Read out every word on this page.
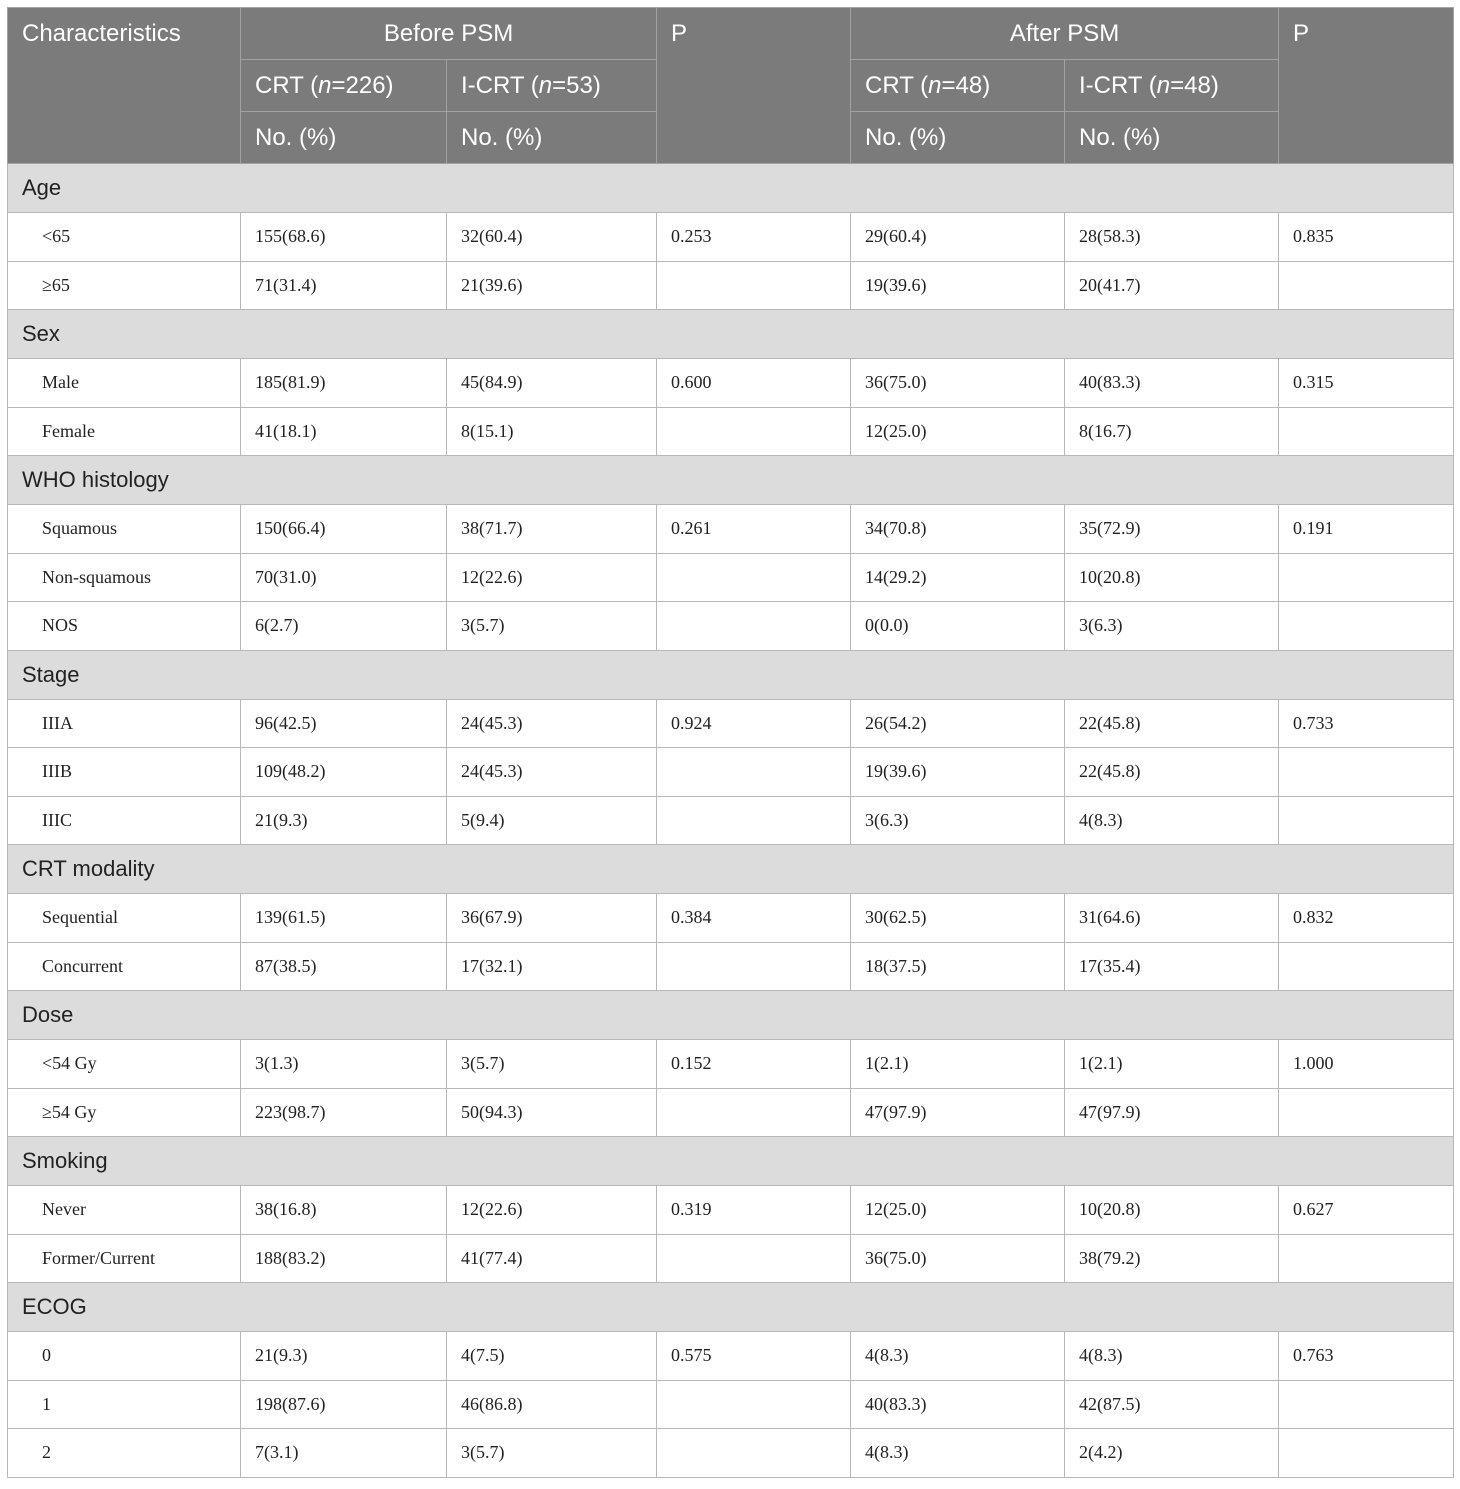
Characteristics	Before PSM		P	After PSM		P
	CRT (n=226)	I-CRT (n=53)		CRT (n=48)	I-CRT (n=48)	
	No. (%)	No. (%)		No. (%)	No. (%)	
Age						
<65	155(68.6)	32(60.4)	0.253	29(60.4)	28(58.3)	0.835
≥65	71(31.4)	21(39.6)		19(39.6)	20(41.7)	
Sex						
Male	185(81.9)	45(84.9)	0.600	36(75.0)	40(83.3)	0.315
Female	41(18.1)	8(15.1)		12(25.0)	8(16.7)	
WHO histology						
Squamous	150(66.4)	38(71.7)	0.261	34(70.8)	35(72.9)	0.191
Non-squamous	70(31.0)	12(22.6)		14(29.2)	10(20.8)	
NOS	6(2.7)	3(5.7)		0(0.0)	3(6.3)	
Stage						
IIIA	96(42.5)	24(45.3)	0.924	26(54.2)	22(45.8)	0.733
IIIB	109(48.2)	24(45.3)		19(39.6)	22(45.8)	
IIIC	21(9.3)	5(9.4)		3(6.3)	4(8.3)	
CRT modality						
Sequential	139(61.5)	36(67.9)	0.384	30(62.5)	31(64.6)	0.832
Concurrent	87(38.5)	17(32.1)		18(37.5)	17(35.4)	
Dose						
<54 Gy	3(1.3)	3(5.7)	0.152	1(2.1)	1(2.1)	1.000
≥54 Gy	223(98.7)	50(94.3)		47(97.9)	47(97.9)	
Smoking						
Never	38(16.8)	12(22.6)	0.319	12(25.0)	10(20.8)	0.627
Former/Current	188(83.2)	41(77.4)		36(75.0)	38(79.2)	
ECOG						
0	21(9.3)	4(7.5)	0.575	4(8.3)	4(8.3)	0.763
1	198(87.6)	46(86.8)		40(83.3)	42(87.5)	
2	7(3.1)	3(5.7)		4(8.3)	2(4.2)	
